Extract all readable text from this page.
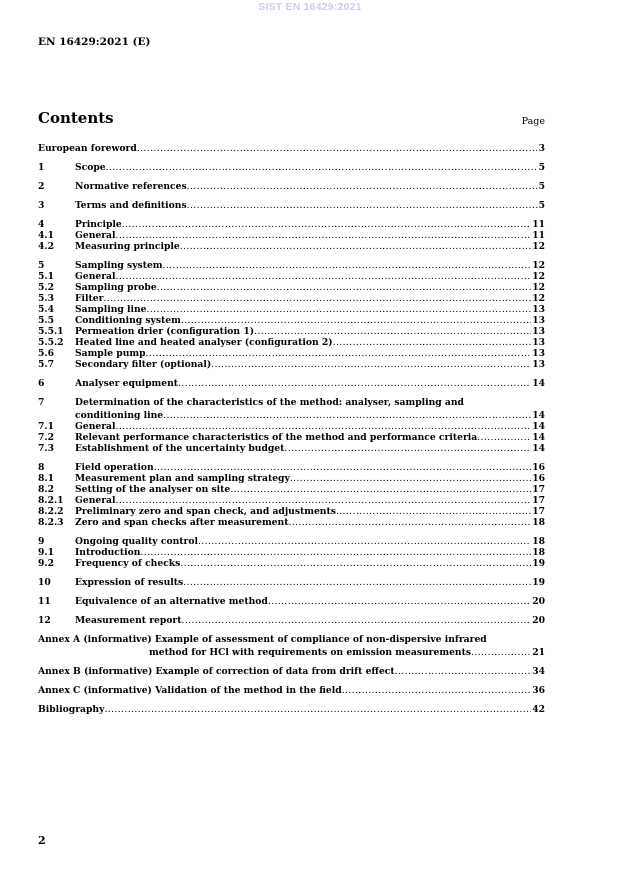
SIST EN 16429:2021
EN 16429:2021 (E)
Contents	Page
European foreword .....	3
1	Scope .....	5
2	Normative references .....	5
3	Terms and definitions .....	5
4	Principle .....	11
4.1	General .....	11
4.2	Measuring principle .....	12
5	Sampling system .....	12
5.1	General .....	12
5.2	Sampling probe .....	12
5.3	Filter .....	12
5.4	Sampling line .....	13
5.5	Conditioning system .....	13
5.5.1	Permeation drier (configuration 1) .....	13
5.5.2	Heated line and heated analyser (configuration 2) .....	13
5.6	Sample pump .....	13
5.7	Secondary filter (optional) .....	13
6	Analyser equipment .....	14
7	Determination of the characteristics of the method: analyser, sampling and
conditioning line .....	14
7.1	General .....	14
7.2	Relevant performance characteristics of the method and performance criteria .....	14
7.3	Establishment of the uncertainty budget .....	14
8	Field operation .....	16
8.1	Measurement plan and sampling strategy .....	16
8.2	Setting of the analyser on site .....	17
8.2.1	General .....	17
8.2.2	Preliminary zero and span check, and adjustments .....	17
8.2.3	Zero and span checks after measurement .....	18
9	Ongoing quality control .....	18
9.1	Introduction .....	18
9.2	Frequency of checks .....	19
10	Expression of results .....	19
11	Equivalence of an alternative method .....	20
12	Measurement report .....	20
Annex A (informative) Example of assessment of compliance of non-dispersive infrared
method for HCl with requirements on emission measurements .....	21
Annex B (informative) Example of correction of data from drift effect .....	34
Annex C (informative) Validation of the method in the field .....	36
Bibliography .....	42
2
